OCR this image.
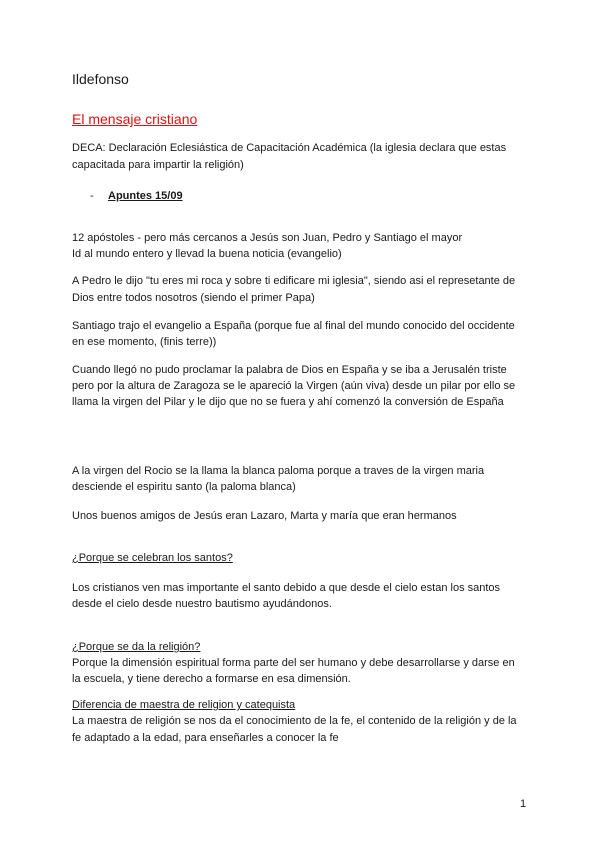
Ildefonso
El mensaje cristiano
DECA: Declaración Eclesiástica de Capacitación Académica (la iglesia declara que estas
capacitada para impartir la religión)
- Apuntes 15/09
12 apóstoles - pero más cercanos a Jesús son Juan, Pedro y Santiago el mayor
Id al mundo entero y llevad la buena noticia (evangelio)
A Pedro le dijo "tu eres mi roca y sobre ti edificare mi iglesia", siendo asi el represetante de
Dios entre todos nosotros (siendo el primer Papa)
Santiago trajo el evangelio a España (porque fue al final del mundo conocido del occidente
en ese momento, (finis terre))
Cuando llegó no pudo proclamar la palabra de Dios en España y se iba a Jerusalén triste
pero por la altura de Zaragoza se le apareció la Virgen (aún viva) desde un pilar por ello se
llama la virgen del Pilar y le dijo que no se fuera y ahí comenzó la conversión de España
A la virgen del Rocio se la llama la blanca paloma porque a traves de la virgen maria
desciende el espiritu santo (la paloma blanca)
Unos buenos amigos de Jesús eran Lazaro, Marta y maría que eran hermanos
¿Porque se celebran los santos?
Los cristianos ven mas importante el santo debido a que desde el cielo estan los santos
desde el cielo desde nuestro bautismo ayudándonos.
¿Porque se da la religión?
Porque la dimensión espiritual forma parte del ser humano y debe desarrollarse y darse en
la escuela, y tiene derecho a formarse en esa dimensión.
Diferencia de maestra de religion y catequista
La maestra de religión se nos da el conocimiento de la fe, el contenido de la religión y de la
fe adaptado a la edad, para enseñarles a conocer la fe
1
